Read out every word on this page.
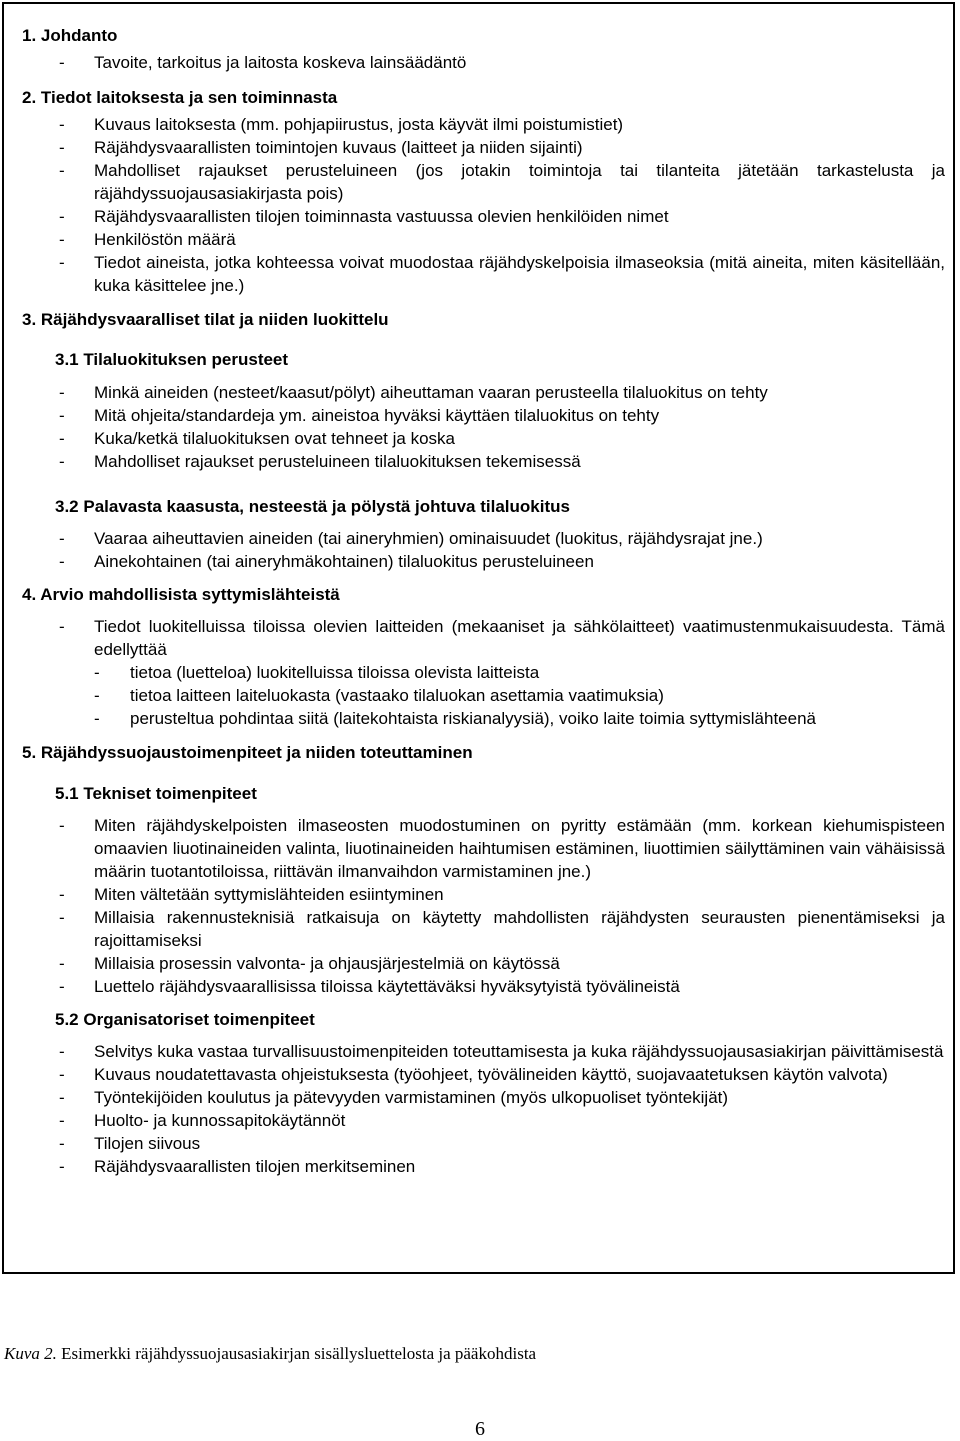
1. Johdanto
- Tavoite, tarkoitus ja laitosta koskeva lainsäädäntö
2. Tiedot laitoksesta ja sen toiminnasta
- Kuvaus laitoksesta (mm. pohjapiirustus, josta käyvät ilmi poistumistiet)
- Räjähdysvaarallisten toimintojen kuvaus (laitteet ja niiden sijainti)
- Mahdolliset rajaukset perusteluineen (jos jotakin toimintoja tai tilanteita jätetään tarkastelusta ja räjähdyssuojausasiakirjasta pois)
- Räjähdysvaarallisten tilojen toiminnasta vastuussa olevien henkilöiden nimet
- Henkilöstön määrä
- Tiedot aineista, jotka kohteessa voivat muodostaa räjähdyskelpoisia ilmaseoksia (mitä aineita, miten käsitellään, kuka käsittelee jne.)
3. Räjähdysvaaralliset tilat ja niiden luokittelu
3.1 Tilaluokituksen perusteet
- Minkä aineiden (nesteet/kaasut/pölyt) aiheuttaman vaaran perusteella tilaluokitus on tehty
- Mitä ohjeita/standardeja ym. aineistoa hyväksi käyttäen tilaluokitus on tehty
- Kuka/ketkä tilaluokituksen ovat tehneet ja koska
- Mahdolliset rajaukset perusteluineen tilaluokituksen tekemisessä
3.2 Palavasta kaasusta, nesteestä ja pölystä johtuva tilaluokitus
- Vaaraa aiheuttavien aineiden (tai aineryhmien) ominaisuudet (luokitus, räjähdysrajat jne.)
- Ainekohtainen (tai aineryhmäkohtainen) tilaluokitus perusteluineen
4. Arvio mahdollisista syttymislähteistä
- Tiedot luokitelluissa tiloissa olevien laitteiden (mekaaniset ja sähkölaitteet) vaatimustenmukaisuudesta. Tämä edellyttää
- tietoa (luetteloa) luokitelluissa tiloissa olevista laitteista
- tietoa laitteen laiteluokasta (vastaako tilaluokan asettamia vaatimuksia)
- perusteltua pohdintaa siitä (laitekohtaista riskianalyysiä), voiko laite toimia syttymislähteenä
5. Räjähdyssuojaustoimenpiteet ja niiden toteuttaminen
5.1 Tekniset toimenpiteet
- Miten räjähdyskelpoisten ilmaseosten muodostuminen on pyritty estämään (mm. korkean kiehumispisteen omaavien liuotinaineiden valinta, liuotinaineiden haihtumisen estäminen, liuottimien säilyttäminen vain vähäisissä määrin tuotantotiloissa, riittävän ilmanvaihdon varmistaminen jne.)
- Miten vältetään syttymislähteiden esiintyminen
- Millaisia rakennusteknisiä ratkaisuja on käytetty mahdollisten räjähdysten seurausten pienentämiseksi ja rajoittamiseksi
- Millaisia prosessin valvonta- ja ohjausjärjestelmiä on käytössä
- Luettelo räjähdysvaarallisissa tiloissa käytettäväksi hyväksytyistä työvälineistä
5.2 Organisatoriset toimenpiteet
- Selvitys kuka vastaa turvallisuustoimenpiteiden toteuttamisesta ja kuka räjähdyssuojausasiakirjan päivittämisestä
- Kuvaus noudatettavasta ohjeistuksesta (työohjeet, työvälineiden käyttö, suojavaatetuksen käytön valvota)
- Työntekijöiden koulutus ja pätevyyden varmistaminen (myös ulkopuoliset työntekijät)
- Huolto- ja kunnossapitokäytännöt
- Tilojen siivous
- Räjähdysvaarallisten tilojen merkitseminen
Kuva 2. Esimerkki räjähdyssuojausasiakirjan sisällysluettelosta ja pääkohdista
6
